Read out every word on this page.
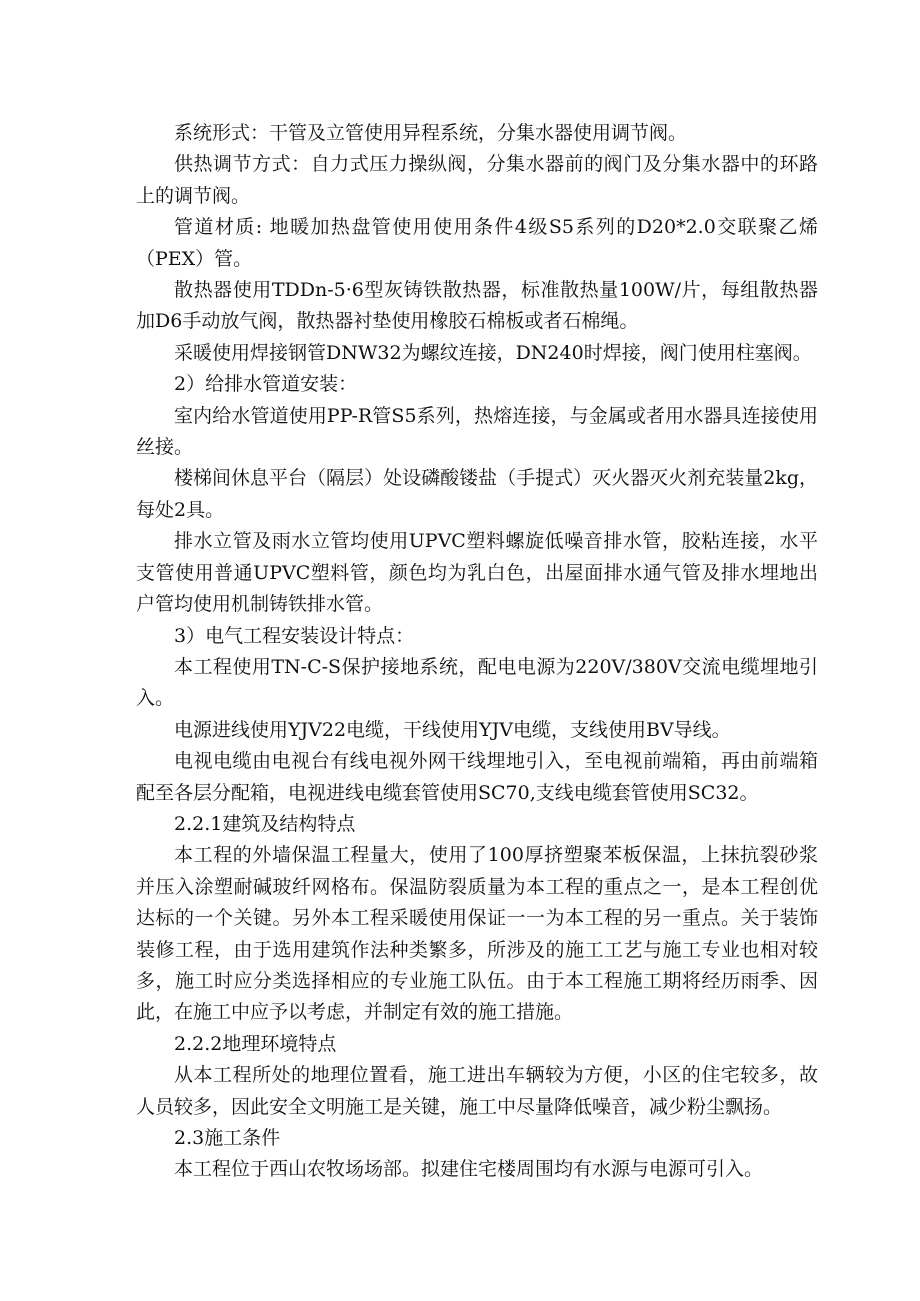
系统形式：干管及立管使用异程系统，分集水器使用调节阀。

供热调节方式：自力式压力操纵阀，分集水器前的阀门及分集水器中的环路上的调节阀。

管道材质: 地暖加热盘管使用使用条件4级S5系列的D20*2.0交联聚乙烯（PEX）管。

散热器使用TDDn-5·6型灰铸铁散热器，标准散热量100W/片，每组散热器加D6手动放气阀，散热器衬垫使用橡胶石棉板或者石棉绳。

采暖使用焊接钢管DNW32为螺纹连接，DN240时焊接，阀门使用柱塞阀。

2）给排水管道安装：

室内给水管道使用PP-R管S5系列，热熔连接，与金属或者用水器具连接使用丝接。

楼梯间休息平台（隔层）处设磷酸镂盐（手提式）灭火器灭火剂充装量2kg，每处2具。

排水立管及雨水立管均使用UPVC塑料螺旋低噪音排水管，胶粘连接，水平支管使用普通UPVC塑料管，颜色均为乳白色，出屋面排水通气管及排水埋地出户管均使用机制铸铁排水管。

3）电气工程安装设计特点：

本工程使用TN-C-S保护接地系统，配电电源为220V/380V交流电缆埋地引入。

电源进线使用YJV22电缆，干线使用YJV电缆，支线使用BV导线。

电视电缆由电视台有线电视外网干线埋地引入，至电视前端箱，再由前端箱配至各层分配箱，电视进线电缆套管使用SC70,支线电缆套管使用SC32。

2.2.1建筑及结构特点

本工程的外墙保温工程量大，使用了100厚挤塑聚苯板保温，上抹抗裂砂浆并压入涂塑耐碱玻纤网格布。保温防裂质量为本工程的重点之一，是本工程创优达标的一个关键。另外本工程采暖使用保证一一为本工程的另一重点。关于装饰装修工程，由于选用建筑作法种类繁多，所涉及的施工工艺与施工专业也相对较多，施工时应分类选择相应的专业施工队伍。由于本工程施工期将经历雨季、因此，在施工中应予以考虑，并制定有效的施工措施。

2.2.2地理环境特点

从本工程所处的地理位置看，施工进出车辆较为方便，小区的住宅较多，故人员较多，因此安全文明施工是关键，施工中尽量降低噪音，减少粉尘飘扬。

2.3施工条件

本工程位于西山农牧场场部。拟建住宅楼周围均有水源与电源可引入。
